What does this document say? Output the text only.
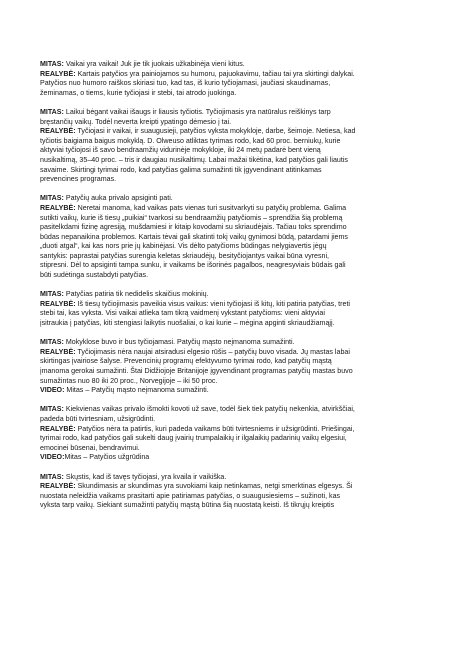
MITAS: Vaikai yra vaikai! Juk jie tik juokais užkabinėja vieni kitus.
REALYBĖ: Kartais patyčios yra painiojamos su humoru, pajuokavimu, tačiau tai yra skirtingi dalykai.
Patyčios nuo humoro raiškos skiriasi tuo, kad tas, iš kurio tyčiojamasi, jaučiasi skaudinamas,
žeminamas, o tiems, kurie tyčiojasi ir stebi, tai atrodo juokinga.
MITAS: Laikui bėgant vaikai išaugs ir liausis tyčiotis. Tyčiojimasis yra natūralus reiškinys tarp
bręstančių vaikų. Todėl neverta kreipti ypatingo dėmesio į tai.
REALYBĖ: Tyčiojasi ir vaikai, ir suaugusieji, patyčios vyksta mokykloje, darbe, šeimoje. Netiesa, kad
tyčiotis baigiama baigus mokyklą. D. Olweuso atliktas tyrimas rodo, kad 60 proc. berniukų, kurie
aktyviai tyčiojosi iš savo bendraamžių vidurinėje mokykloje, iki 24 metų padarė bent vieną
nusikaltimą, 35–40 proc. – tris ir daugiau nusikaltimų. Labai mažai tikėtina, kad patyčios gali liautis
savaime. Skirtingi tyrimai rodo, kad patyčias galima sumažinti tik įgyvendinant atitinkamas
prevencines programas.
MITAS: Patyčių auka privalo apsiginti pati.
REALYBĖ: Neretai manoma, kad vaikas pats vienas turi susitvarkyti su patyčių problema. Galima
sutikti vaikų, kurie iš tiesų „puikiai“ tvarkosi su bendraamžių patyčiomis – sprendžia šią problemą
pasitelkdami fizinę agresiją, mušdamiesi ir kitaip kovodami su skriaudėjais. Tačiau toks sprendimo
būdas nepanaikina problemos. Kartais tėvai gali skatinti tokį vaikų gynimosi būdą, patardami jiems
„duoti atgal“, kai kas nors prie jų kabinėjasi. Vis dėlto patyčioms būdingas nelygiavertis jėgų
santykis: paprastai patyčias surengia keletas skriaudėjų, besityčiojantys vaikai būna vyresni,
stipresni. Dėl to apsiginti tampa sunku, ir vaikams be išorinės pagalbos, neagresyviais būdais gali
būti sudėtinga sustabdyti patyčias.
MITAS: Patyčias patiria tik nedidelis skaičius mokinių.
REALYBĖ: Iš tiesų tyčiojimasis paveikia visus vaikus: vieni tyčiojasi iš kitų, kiti patiria patyčias, treti
stebi tai, kas vyksta. Visi vaikai atlieka tam tikrą vaidmenį vykstant patyčioms: vieni aktyviai
įsitraukia į patyčias, kiti stengiasi laikytis nuošaliai, o kai kurie – mėgina apginti skriaudžiamąjį.
MITAS: Mokyklose buvo ir bus tyčiojamasi. Patyčių mąsto neįmanoma sumažinti.
REALYBĖ: Tyčiojimasis nėra naujai atsiradusi elgesio rūšis – patyčių buvo visada. Jų mastas labai
skirtingas įvairiose šalyse. Prevencinių programų efektyvumo tyrimai rodo, kad patyčių mąstą
įmanoma gerokai sumažinti. Štai Didžiojoje Britanijoje įgyvendinant programas patyčių mastas buvo
sumažintas nuo 80 iki 20 proc., Norvegijoje – iki 50 proc.
VIDEO: Mitas – Patyčių mąsto neįmanoma sumažinti.
MITAS: Kiekvienas vaikas privalo išmokti kovoti už save, todėl šiek tiek patyčių nekenkia, atvirkščiai,
padeda būti tvirtesniam, užsigrūdinti.
REALYBĖ: Patyčios nėra ta patirtis, kuri padeda vaikams būti tvirtesniems ir užsigrūdinti. Priešingai,
tyrimai rodo, kad patyčios gali sukelti daug įvairių trumpalaikių ir ilgalaikių padarinių vaikų elgesiui,
emocinei būsenai, bendravimui.
VIDEO:Mitas – Patyčios užgrūdina
MITAS: Skųstis, kad iš tavęs tyčiojasi, yra kvaila ir vaikiška.
REALYBĖ: Skundimasis ar skundimas yra suvokiami kaip netinkamas, netgi smerktinas elgesys. Ši
nuostata neleidžia vaikams prasitarti apie patiriamas patyčias, o suaugusiesiems – sužinoti, kas
vyksta tarp vaikų. Siekiant sumažinti patyčių mąstą būtina šią nuostatą keisti. Iš tikrųjų kreiptis
